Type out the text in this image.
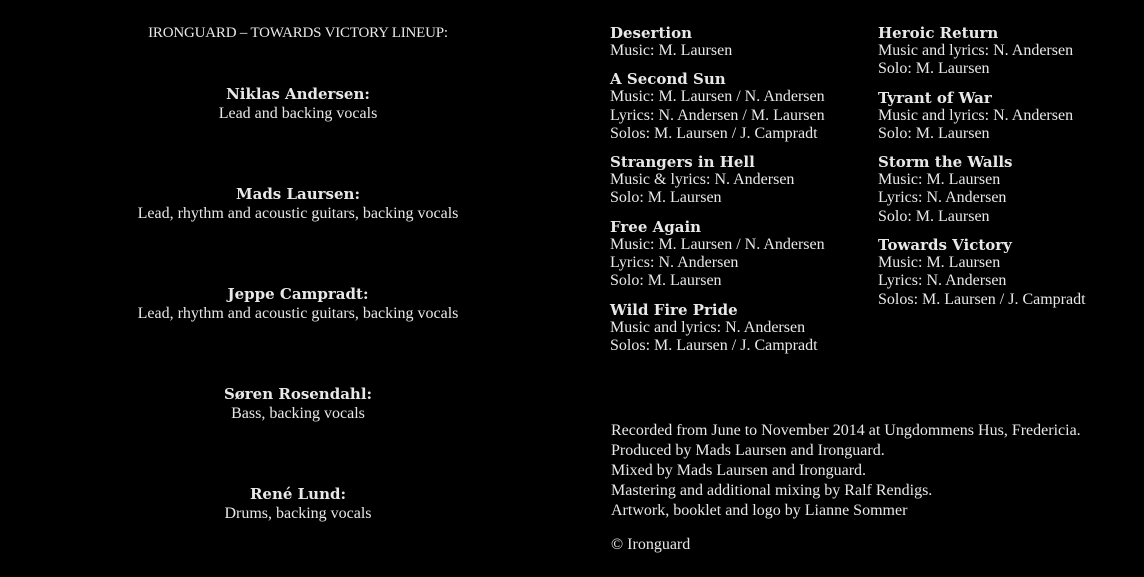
IRONGUARD – TOWARDS VICTORY LINEUP:
Niklas Andersen:
Lead and backing vocals
Mads Laursen:
Lead, rhythm and acoustic guitars, backing vocals
Jeppe Campradt:
Lead, rhythm and acoustic guitars, backing vocals
Søren Rosendahl:
Bass, backing vocals
René Lund:
Drums, backing vocals
Desertion
Music: M. Laursen
A Second Sun
Music: M. Laursen / N. Andersen
Lyrics: N. Andersen / M. Laursen
Solos: M. Laursen / J. Campradt
Strangers in Hell
Music & lyrics: N. Andersen
Solo: M. Laursen
Free Again
Music: M. Laursen / N. Andersen
Lyrics: N. Andersen
Solo: M. Laursen
Wild Fire Pride
Music and lyrics: N. Andersen
Solos: M. Laursen / J. Campradt
Heroic Return
Music and lyrics: N. Andersen
Solo: M. Laursen
Tyrant of War
Music and lyrics: N. Andersen
Solo: M. Laursen
Storm the Walls
Music: M. Laursen
Lyrics: N. Andersen
Solo: M. Laursen
Towards Victory
Music: M. Laursen
Lyrics: N. Andersen
Solos: M. Laursen / J. Campradt
Recorded from June to November 2014 at Ungdommens Hus, Fredericia.
Produced by Mads Laursen and Ironguard.
Mixed by Mads Laursen and Ironguard.
Mastering and additional mixing by Ralf Rendigs.
Artwork, booklet and logo by Lianne Sommer
© Ironguard
